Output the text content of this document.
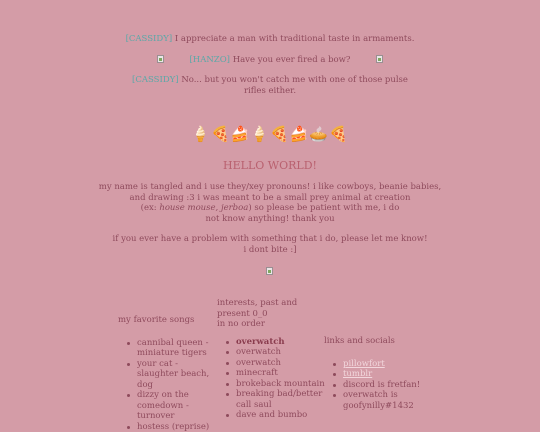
[CASSIDY] I appreciate a man with traditional taste in armaments.
[HANZO] Have you ever fired a bow?
[CASSIDY] No... but you won't catch me with one of those pulse
rifles either.
🍦🍕🍰🍦🍕🍰🥧🍕
HELLO WORLD!

my name is tangled and i use they/xey pronouns! i like cowboys, beanie babies,

and drawing :3 i was meant to be a small prey animal at creation

(ex: house mouse, jerboa) so please be patient with me, i do

not know anything! thank you

if you ever have a problem with something that i do, please let me know!

i dont bite :]

my favorite songs
cannibal queen -
miniature tigers
your cat -
slaughter beach, dog
dizzy on the comedown -
turnover
hostess (reprise)
interests, past and present 0_0
in no order
overwatch
overwatch
overwatch
minecraft
brokeback mountain
breaking bad/better call saul
dave and bumbo
links and socials
pillowfort
tumblr
discord is fretfan!
overwatch is goofynilly#1432
